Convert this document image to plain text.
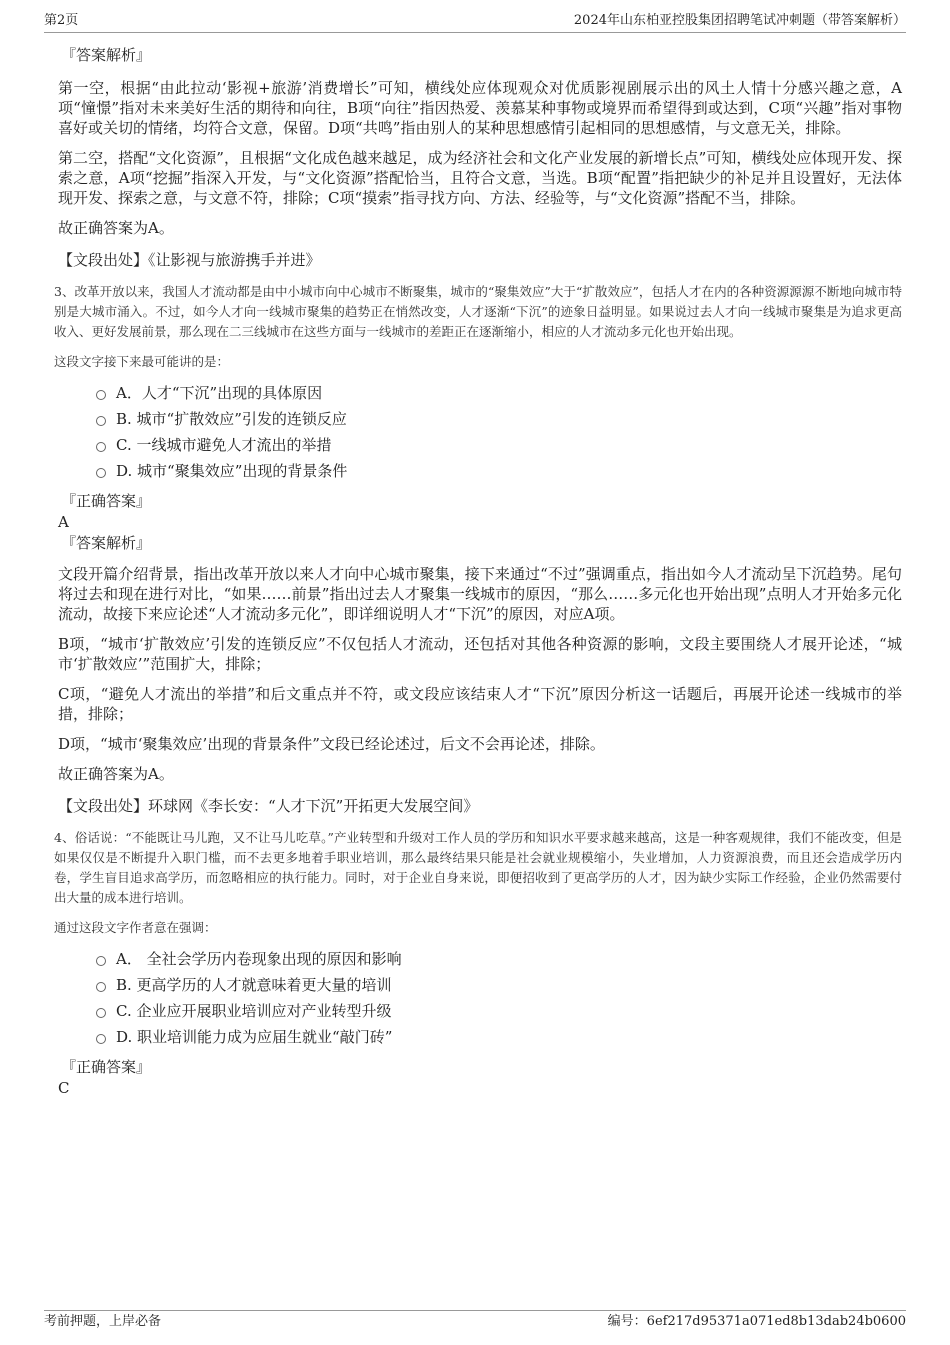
第2页	2024年山东柏亚控股集团招聘笔试冲刺题（带答案解析）
『答案解析』

第一空，根据“由此拉动‘影视+旅游’消费增长”可知，横线处应体现观众对优质影视剧展示出的风土人情十分感兴趣之意，A项“憧憬”指对未来美好生活的期待和向往，B项“向往”指因热爱、羡慕某种事物或境界而希望得到或达到，C项“兴趣”指对事物喜好或关切的情绪，均符合文意，保留。D项“共鸣”指由别人的某种思想感情引起相同的思想感情，与文意无关，排除。

第二空，搭配“文化资源”，且根据“文化成色越来越足，成为经济社会和文化产业发展的新增长点”可知，横线处应体现开发、探索之意，A项“挖掘”指深入开发，与“文化资源”搭配恰当，且符合文意，当选。B项“配置”指把缺少的补足并且设置好，无法体现开发、探索之意，与文意不符，排除；C项“摸索”指寻找方向、方法、经验等，与“文化资源”搭配不当，排除。

故正确答案为A。

【文段出处】《让影视与旅游携手并进》

3、改革开放以来，我国人才流动都是由中小城市向中心城市不断聚集，城市的“聚集效应”大于“扩散效应”，包括人才在内的各种资源源源不断地向城市特别是大城市涌入。不过，如今人才向一线城市聚集的趋势正在悄然改变，人才逐渐“下沉”的迹象日益明显。如果说过去人才向一线城市聚集是为追求更高收入、更好发展前景，那么现在二三线城市在这些方面与一线城市的差距正在逐渐缩小，相应的人才流动多元化也开始出现。

这段文字接下来最可能讲的是：

A．人才“下沉”出现的具体原因
B. 城市“扩散效应”引发的连锁反应
C. 一线城市避免人才流出的举措
D. 城市“聚集效应”出现的背景条件
『正确答案』
A
『答案解析』

文段开篇介绍背景，指出改革开放以来人才向中心城市聚集，接下来通过“不过”强调重点，指出如今人才流动呈下沉趋势。尾句将过去和现在进行对比，“如果……前景”指出过去人才聚集一线城市的原因，“那么……多元化也开始出现”点明人才开始多元化流动，故接下来应论述“人才流动多元化”，即详细说明人才“下沉”的原因，对应A项。

B项，“城市‘扩散效应’引发的连锁反应”不仅包括人才流动，还包括对其他各种资源的影响，文段主要围绕人才展开论述，“城市‘扩散效应’”范围扩大，排除；

C项，“避免人才流出的举措”和后文重点并不符，或文段应该结束人才“下沉”原因分析这一话题后，再展开论述一线城市的举措，排除；

D项，“城市‘聚集效应’出现的背景条件”文段已经论述过，后文不会再论述，排除。

故正确答案为A。

【文段出处】环球网《李长安：“人才下沉”开拓更大发展空间》

4、俗话说：“不能既让马儿跑，又不让马儿吃草。”产业转型和升级对工作人员的学历和知识水平要求越来越高，这是一种客观规律，我们不能改变，但是如果仅仅是不断提升入职门槛，而不去更多地着手职业培训，那么最终结果只能是社会就业规模缩小，失业增加，人力资源浪费，而且还会造成学历内卷，学生盲目追求高学历，而忽略相应的执行能力。同时，对于企业自身来说，即便招收到了更高学历的人才，因为缺少实际工作经验，企业仍然需要付出大量的成本进行培训。

通过这段文字作者意在强调：

A． 全社会学历内卷现象出现的原因和影响
B. 更高学历的人才就意味着更大量的培训
C. 企业应开展职业培训应对产业转型升级
D. 职业培训能力成为应届生就业“敲门砖”
『正确答案』
C
考前押题，上岸必备	编号：6ef217d95371a071ed8b13dab24b0600
